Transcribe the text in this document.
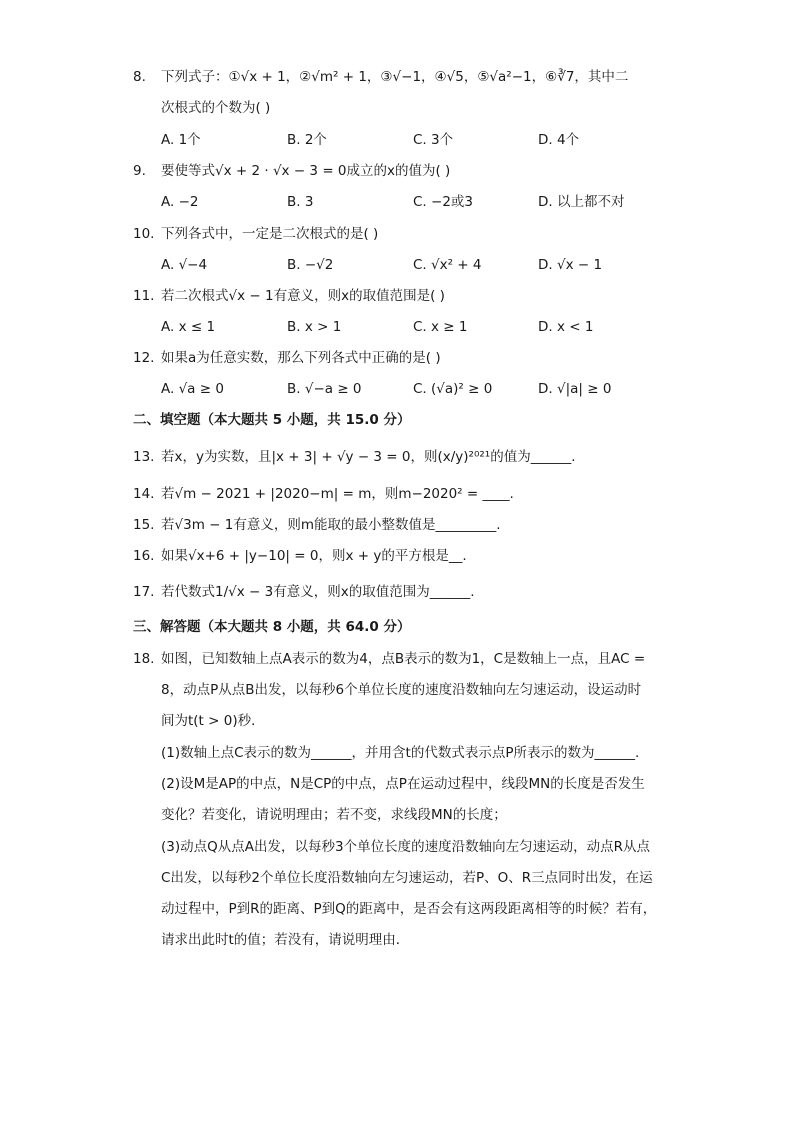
8. 下列式子：①√x + 1，②√m² + 1，③√−1，④√5，⑤√a²−1，⑥∛7，其中二
次根式的个数为( )
A. 1个	B. 2个	C. 3个	D. 4个
9. 要使等式√x + 2 · √x − 3 = 0成立的x的值为( )
A. −2	B. 3	C. −2或3	D. 以上都不对
10. 下列各式中，一定是二次根式的是( )
A. √−4	B. −√2	C. √x² + 4	D. √x − 1
11. 若二次根式√x − 1有意义，则x的取值范围是( )
A. x ≤ 1	B. x > 1	C. x ≥ 1	D. x < 1
12. 如果a为任意实数，那么下列各式中正确的是( )
A. √a ≥ 0	B. √−a ≥ 0	C. (√a)² ≥ 0	D. √|a| ≥ 0
二、填空题（本大题共 5 小题，共 15.0 分）
13. 若x，y为实数，且|x + 3| + √y − 3 = 0，则(x/y)²⁰²¹的值为______.
14. 若√m − 2021 + |2020−m| = m，则m−2020² = ____.
15. 若√3m − 1有意义，则m能取的最小整数值是_________.
16. 如果√x+6 + |y−10| = 0，则x + y的平方根是__.
17. 若代数式1/√x − 3有意义，则x的取值范围为______.
三、解答题（本大题共 8 小题，共 64.0 分）
18. 如图，已知数轴上点A表示的数为4，点B表示的数为1，C是数轴上一点，且AC =
8，动点P从点B出发，以每秒6个单位长度的速度沿数轴向左匀速运动，设运动时
间为t(t > 0)秒．
(1)数轴上点C表示的数为______，并用含t的代数式表示点P所表示的数为______.
(2)设M是AP的中点，N是CP的中点，点P在运动过程中，线段MN的长度是否发生
变化？若变化，请说明理由；若不变，求线段MN的长度；
(3)动点Q从点A出发，以每秒3个单位长度的速度沿数轴向左匀速运动，动点R从点
C出发，以每秒2个单位长度沿数轴向左匀速运动，若P、O、R三点同时出发，在运
动过程中，P到R的距离、P到Q的距离中，是否会有这两段距离相等的时候？若有，
请求出此时t的值；若没有，请说明理由．
